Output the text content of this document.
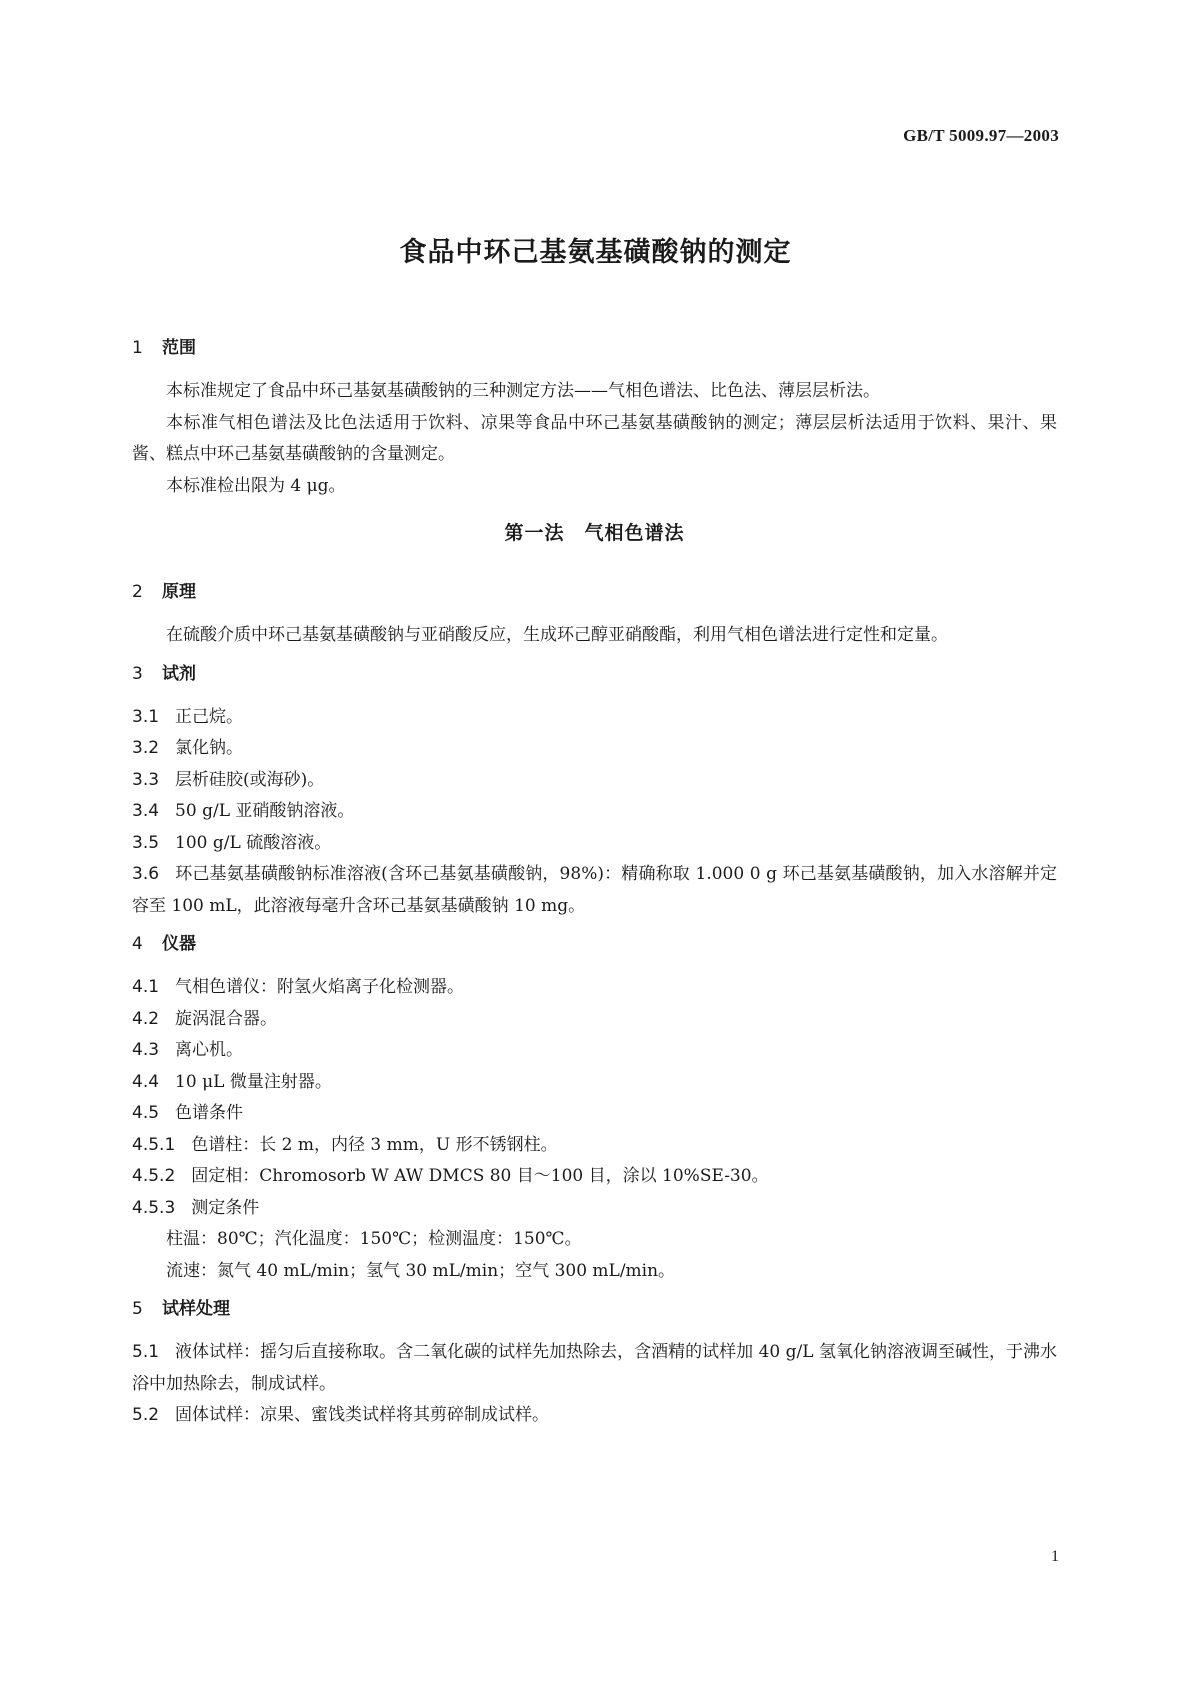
GB/T 5009.97—2003
食品中环己基氨基磺酸钠的测定
1 范围

本标准规定了食品中环己基氨基磺酸钠的三种测定方法——气相色谱法、比色法、薄层层析法。

本标准气相色谱法及比色法适用于饮料、凉果等食品中环己基氨基磺酸钠的测定；薄层层析法适用于饮料、果汁、果酱、糕点中环己基氨基磺酸钠的含量测定。

本标准检出限为 4 μg。

第一法　气相色谱法
2 原理

在硫酸介质中环己基氨基磺酸钠与亚硝酸反应，生成环己醇亚硝酸酯，利用气相色谱法进行定性和定量。

3 试剂

3.1 正己烷。

3.2 氯化钠。

3.3 层析硅胶(或海砂)。

3.4 50 g/L 亚硝酸钠溶液。

3.5 100 g/L 硫酸溶液。

3.6 环己基氨基磺酸钠标准溶液(含环己基氨基磺酸钠，98%)：精确称取 1.000 0 g 环己基氨基磺酸钠，加入水溶解并定容至 100 mL，此溶液每毫升含环己基氨基磺酸钠 10 mg。

4 仪器

4.1 气相色谱仪：附氢火焰离子化检测器。

4.2 旋涡混合器。

4.3 离心机。

4.4 10 μL 微量注射器。

4.5 色谱条件

4.5.1 色谱柱：长 2 m，内径 3 mm，U 形不锈钢柱。

4.5.2 固定相：Chromosorb W AW DMCS 80 目～100 目，涂以 10%SE-30。

4.5.3 测定条件

柱温：80℃；汽化温度：150℃；检测温度：150℃。
流速：氮气 40 mL/min；氢气 30 mL/min；空气 300 mL/min。
5 试样处理

5.1 液体试样：摇匀后直接称取。含二氧化碳的试样先加热除去，含酒精的试样加 40 g/L 氢氧化钠溶液调至碱性，于沸水浴中加热除去，制成试样。

5.2 固体试样：凉果、蜜饯类试样将其剪碎制成试样。

1
